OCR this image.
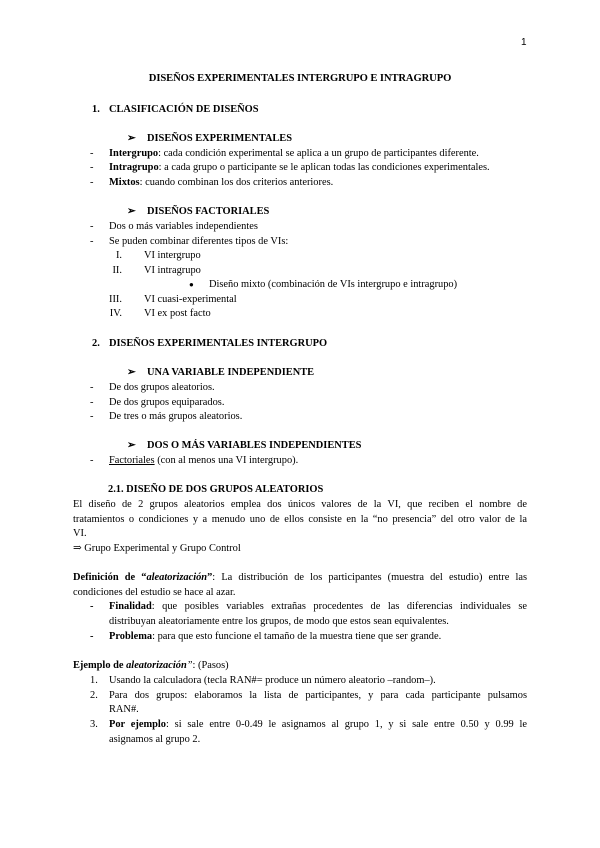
1
DISEÑOS EXPERIMENTALES INTERGRUPO E INTRAGRUPO
1. CLASIFICACIÓN DE DISEÑOS
➢ DISEÑOS EXPERIMENTALES
- Intergrupo: cada condición experimental se aplica a un grupo de participantes diferente.
- Intragrupo: a cada grupo o participante se le aplican todas las condiciones experimentales.
- Mixtos: cuando combinan los dos criterios anteriores.
➢ DISEÑOS FACTORIALES
- Dos o más variables independientes
- Se puden combinar diferentes tipos de VIs:
I. VI intergrupo
II. VI intragrupo
● Diseño mixto (combinación de VIs intergrupo e intragrupo)
III. VI cuasi-experimental
IV. VI ex post facto
2. DISEÑOS EXPERIMENTALES INTERGRUPO
➢ UNA VARIABLE INDEPENDIENTE
- De dos grupos aleatorios.
- De dos grupos equiparados.
- De tres o más grupos aleatorios.
➢ DOS O MÁS VARIABLES INDEPENDIENTES
- Factoriales (con al menos una VI intergrupo).
2.1. DISEÑO DE DOS GRUPOS ALEATORIOS
El diseño de 2 grupos aleatorios emplea dos únicos valores de la VI, que reciben el nombre de
tratamientos o condiciones y a menudo uno de ellos consiste en la “no presencia” del otro valor de la
VI.
⇒ Grupo Experimental y Grupo Control
Definición de “aleatorización”: La distribución de los participantes (muestra del estudio) entre las
condiciones del estudio se hace al azar.
- Finalidad: que posibles variables extrañas procedentes de las diferencias individuales se
distribuyan aleatoriamente entre los grupos, de modo que estos sean equivalentes.
- Problema: para que esto funcione el tamaño de la muestra tiene que ser grande.
Ejemplo de aleatorización”: (Pasos)
1.	Usando la calculadora (tecla RAN#= produce un número aleatorio –random–).
2.	Para dos grupos: elaboramos la lista de participantes, y para cada participante pulsamos
RAN#.
3.	Por ejemplo: si sale entre 0-0.49 le asignamos al grupo 1, y si sale entre 0.50 y 0.99 le
asignamos al grupo 2.
